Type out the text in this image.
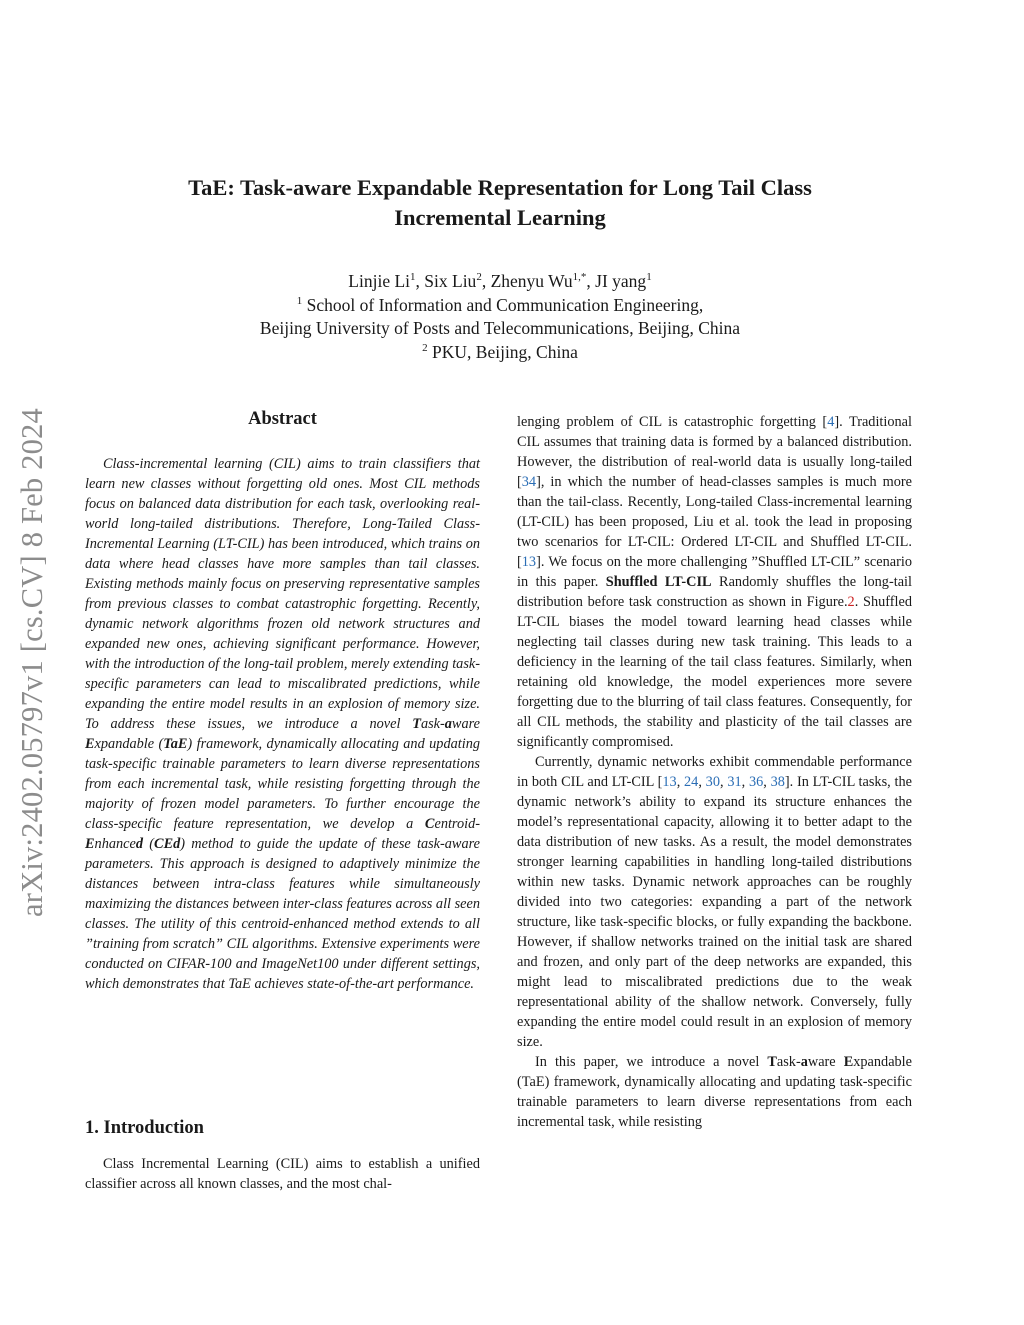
arXiv:2402.05797v1 [cs.CV] 8 Feb 2024
TaE: Task-aware Expandable Representation for Long Tail Class
Incremental Learning
Linjie Li$^1$, Six Liu$^2$, Zhenyu $Wu^{1,*}$, JI yang$^1$
$^1$ School of Information and Communication Engineering,
Beijing University of Posts and Telecommunications, Beijing, China
$^2$ PKU, Beijing, China
Abstract

Class-incremental learning (CIL) aims to train classifiers that learn new classes without forgetting old ones. Most CIL methods focus on balanced data distribution for each task, overlooking real-world long-tailed distributions. Therefore, Long-Tailed Class-Incremental Learning (LT-CIL) has been introduced, which trains on data where head classes have more samples than tail classes. Existing methods mainly focus on preserving representative samples from previous classes to combat catastrophic forgetting. Recently, dynamic network algorithms frozen old network structures and expanded new ones, achieving significant performance. However, with the introduction of the long-tail problem, merely extending task-specific parameters can lead to miscalibrated predictions, while expanding the entire model results in an explosion of memory size. To address these issues, we introduce a novel Task-aware Expandable (TaE) framework, dynamically allocating and updating task-specific trainable parameters to learn diverse representations from each incremental task, while resisting forgetting through the majority of frozen model parameters. To further encourage the class-specific feature representation, we develop a Centroid-Enhanced (CEd) method to guide the update of these task-aware parameters. This approach is designed to adaptively minimize the distances between intra-class features while simultaneously maximizing the distances between inter-class features across all seen classes. The utility of this centroid-enhanced method extends to all ”training from scratch” CIL algorithms. Extensive experiments were conducted on CIFAR-100 and ImageNet100 under different settings, which demonstrates that TaE achieves state-of-the-art performance.

1. Introduction

Class Incremental Learning (CIL) aims to establish a unified classifier across all known classes, and the most chal-

lenging problem of CIL is catastrophic forgetting [4]. Traditional CIL assumes that training data is formed by a balanced distribution. However, the distribution of real-world data is usually long-tailed [34], in which the number of head-classes samples is much more than the tail-class. Recently, Long-tailed Class-incremental learning (LT-CIL) has been proposed, Liu et al. took the lead in proposing two scenarios for LT-CIL: Ordered LT-CIL and Shuffled LT-CIL. [13]. We focus on the more challenging ”Shuffled LT-CIL” scenario in this paper. Shuffled LT-CIL Randomly shuffles the long-tail distribution before task construction as shown in Figure.2. Shuffled LT-CIL biases the model toward learning head classes while neglecting tail classes during new task training. This leads to a deficiency in the learning of the tail class features. Similarly, when retaining old knowledge, the model experiences more severe forgetting due to the blurring of tail class features. Consequently, for all CIL methods, the stability and plasticity of the tail classes are significantly compromised.

Currently, dynamic networks exhibit commendable performance in both CIL and LT-CIL [13, 24, 30, 31, 36, 38]. In LT-CIL tasks, the dynamic network’s ability to expand its structure enhances the model’s representational capacity, allowing it to better adapt to the data distribution of new tasks. As a result, the model demonstrates stronger learning capabilities in handling long-tailed distributions within new tasks. Dynamic network approaches can be roughly divided into two categories: expanding a part of the network structure, like task-specific blocks, or fully expanding the backbone. However, if shallow networks trained on the initial task are shared and frozen, and only part of the deep networks are expanded, this might lead to miscalibrated predictions due to the weak representational ability of the shallow network. Conversely, fully expanding the entire model could result in an explosion of memory size.

In this paper, we introduce a novel Task-aware Expandable (TaE) framework, dynamically allocating and updating task-specific trainable parameters to learn diverse representations from each incremental task, while resisting
